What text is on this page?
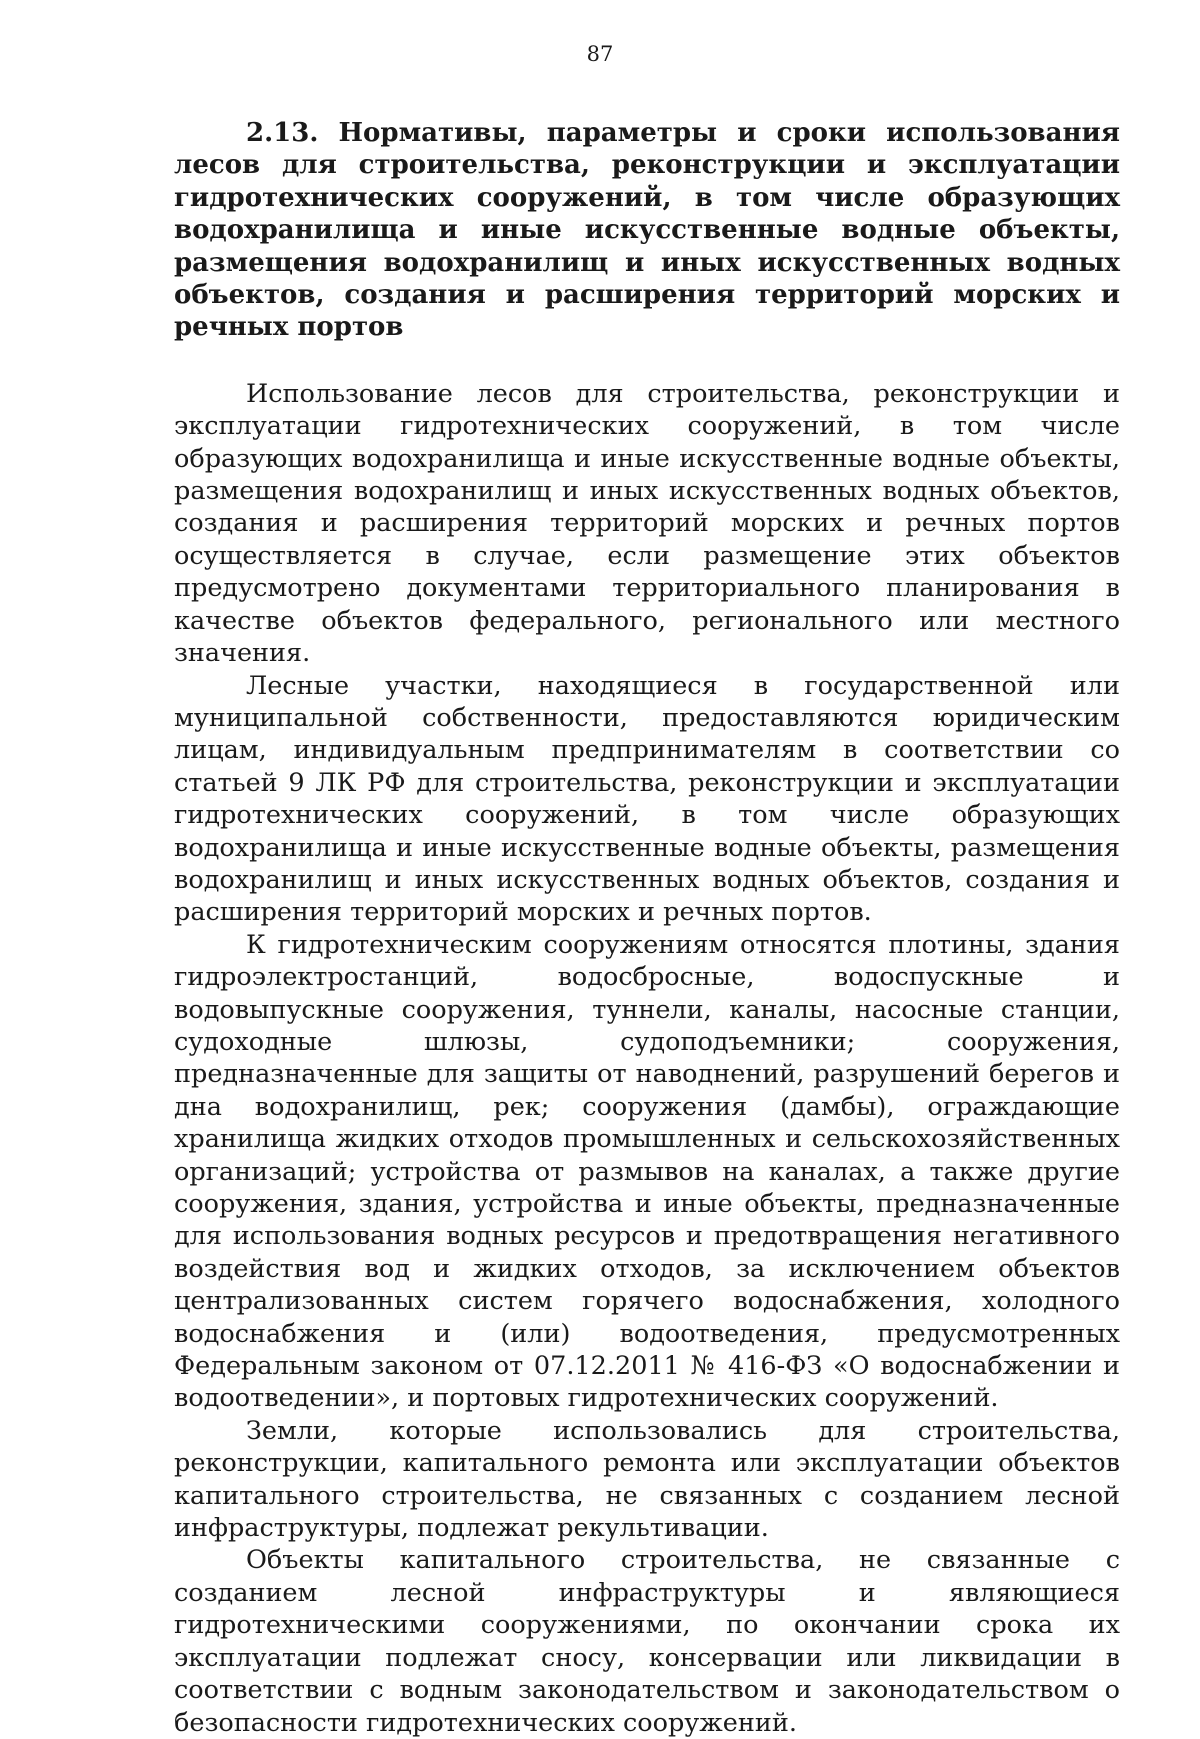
87
2.13. Нормативы, параметры и сроки использования лесов для строительства, реконструкции и эксплуатации гидротехнических сооружений, в том числе образующих водохранилища и иные искусственные водные объекты, размещения водохранилищ и иных искусственных водных объектов, создания и расширения территорий морских и речных портов

Использование лесов для строительства, реконструкции и эксплуатации гидротехнических сооружений, в том числе образующих водохранилища и иные искусственные водные объекты, размещения водохранилищ и иных искусственных водных объектов, создания и расширения территорий морских и речных портов осуществляется в случае, если размещение этих объектов предусмотрено документами территориального планирования в качестве объектов федерального, регионального или местного значения.

Лесные участки, находящиеся в государственной или муниципальной собственности, предоставляются юридическим лицам, индивидуальным предпринимателям в соответствии со статьей 9 ЛК РФ для строительства, реконструкции и эксплуатации гидротехнических сооружений, в том числе образующих водохранилища и иные искусственные водные объекты, размещения водохранилищ и иных искусственных водных объектов, создания и расширения территорий морских и речных портов.

К гидротехническим сооружениям относятся плотины, здания гидроэлектростанций, водосбросные, водоспускные и водовыпускные сооружения, туннели, каналы, насосные станции, судоходные шлюзы, судоподъемники; сооружения, предназначенные для защиты от наводнений, разрушений берегов и дна водохранилищ, рек; сооружения (дамбы), ограждающие хранилища жидких отходов промышленных и сельскохозяйственных организаций; устройства от размывов на каналах, а также другие сооружения, здания, устройства и иные объекты, предназначенные для использования водных ресурсов и предотвращения негативного воздействия вод и жидких отходов, за исключением объектов централизованных систем горячего водоснабжения, холодного водоснабжения и (или) водоотведения, предусмотренных Федеральным законом от 07.12.2011 № 416-ФЗ «О водоснабжении и водоотведении», и портовых гидротехнических сооружений.

Земли, которые использовались для строительства, реконструкции, капитального ремонта или эксплуатации объектов капитального строительства, не связанных с созданием лесной инфраструктуры, подлежат рекультивации.

Объекты капитального строительства, не связанные с созданием лесной инфраструктуры и являющиеся гидротехническими сооружениями, по окончании срока их эксплуатации подлежат сносу, консервации или ликвидации в соответствии с водным законодательством и законодательством о безопасности гидротехнических сооружений.
